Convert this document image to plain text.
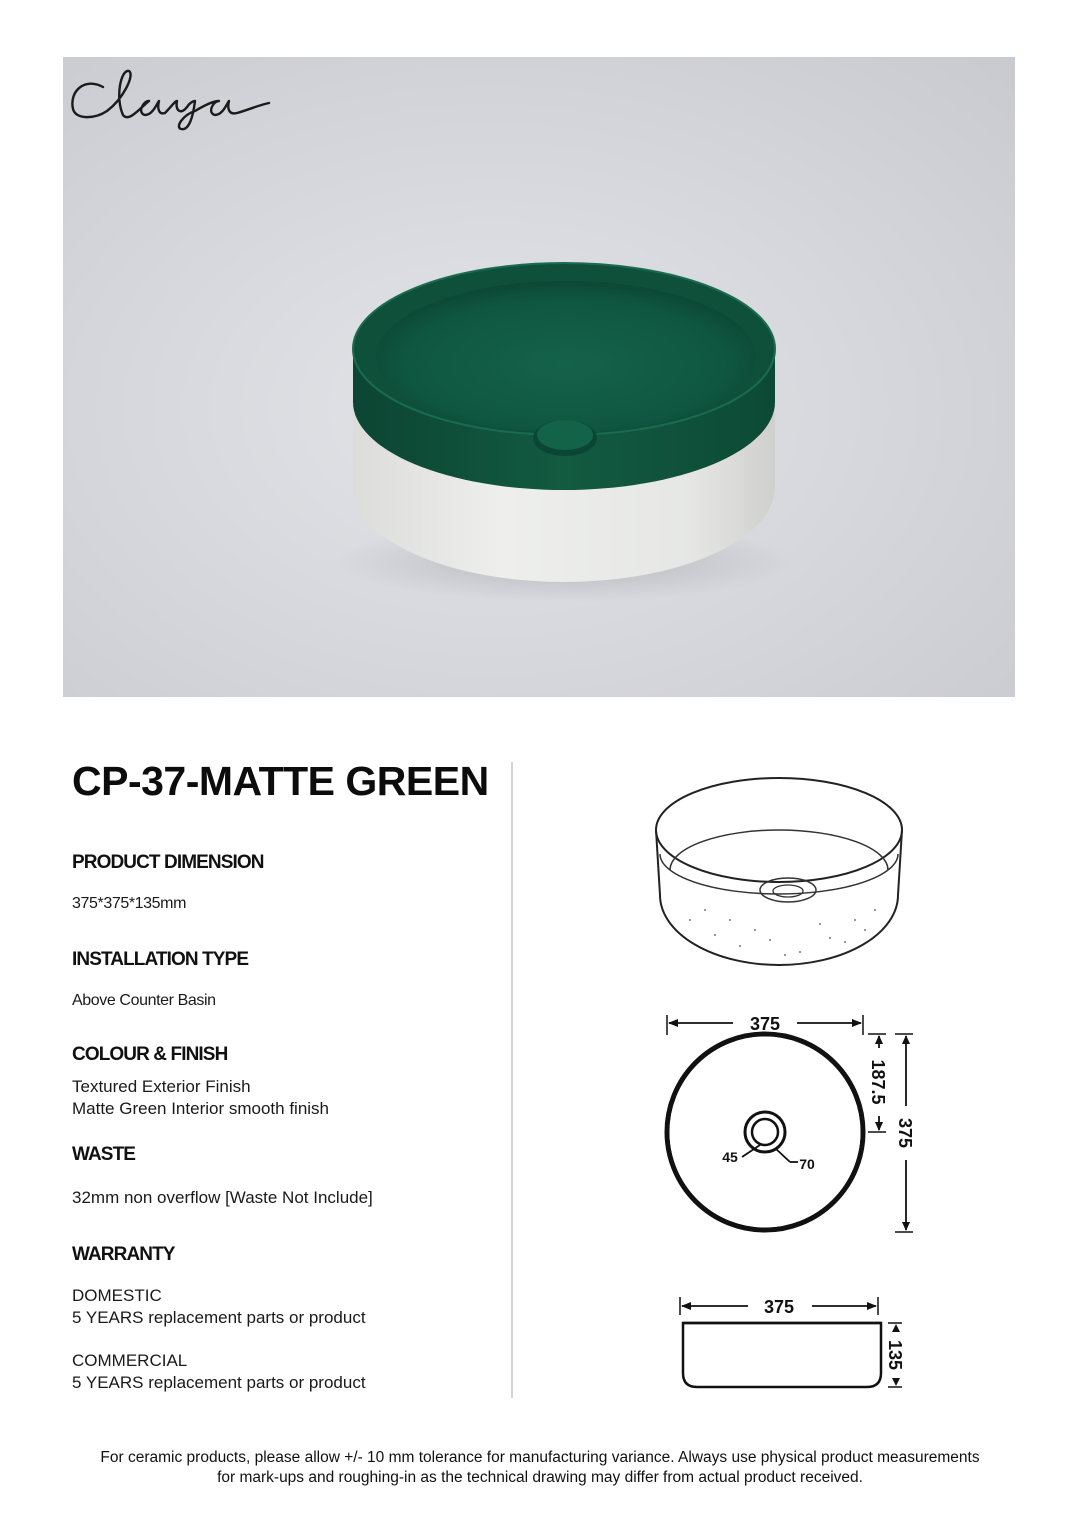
CP-37-MATTE GREEN
PRODUCT DIMENSION
375*375*135mm
INSTALLATION TYPE
Above Counter Basin
COLOUR & FINISH
Textured Exterior Finish
Matte Green Interior smooth finish
WASTE
32mm non overflow [Waste Not Include]
WARRANTY
DOMESTIC
5 YEARS replacement parts or product
COMMERCIAL
5 YEARS replacement parts or product
375
187.5
375
45	70
375
135
For ceramic products, please allow +/- 10 mm tolerance for manufacturing variance. Always use physical product measurements
for mark-ups and roughing-in as the technical drawing may differ from actual product received.
